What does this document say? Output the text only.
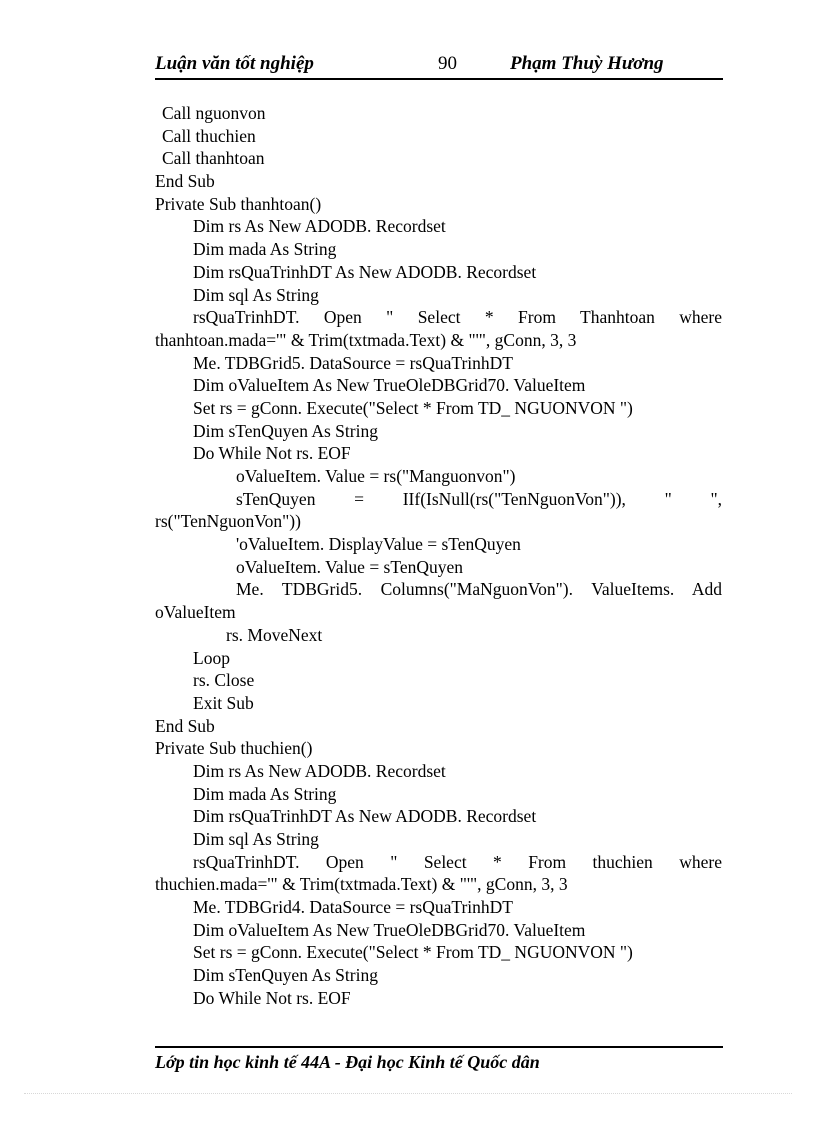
Luận văn tốt nghiệp	90	Phạm Thuỳ Hương
Call nguonvon
Call thuchien
Call thanhtoan
End Sub
Private Sub thanhtoan()
Dim rs As New ADODB. Recordset
Dim mada As String
Dim rsQuaTrinhDT As New ADODB. Recordset
Dim sql As String
rsQuaTrinhDT. Open " Select * From Thanhtoan where
thanhtoan.mada='" & Trim(txtmada.Text) & "'", gConn, 3, 3
Me. TDBGrid5. DataSource = rsQuaTrinhDT
Dim oValueItem As New TrueOleDBGrid70. ValueItem
Set rs = gConn. Execute("Select * From TD_ NGUONVON ")
Dim sTenQuyen As String
Do While Not rs. EOF
oValueItem. Value = rs("Manguonvon")
sTenQuyen = IIf(IsNull(rs("TenNguonVon")), " ",
rs("TenNguonVon"))
'oValueItem. DisplayValue = sTenQuyen
oValueItem. Value = sTenQuyen
Me. TDBGrid5. Columns("MaNguonVon"). ValueItems. Add
oValueItem
rs. MoveNext
Loop
rs. Close
Exit Sub
End Sub
Private Sub thuchien()
Dim rs As New ADODB. Recordset
Dim mada As String
Dim rsQuaTrinhDT As New ADODB. Recordset
Dim sql As String
rsQuaTrinhDT. Open " Select * From thuchien where
thuchien.mada='" & Trim(txtmada.Text) & "'", gConn, 3, 3
Me. TDBGrid4. DataSource = rsQuaTrinhDT
Dim oValueItem As New TrueOleDBGrid70. ValueItem
Set rs = gConn. Execute("Select * From TD_ NGUONVON ")
Dim sTenQuyen As String
Do While Not rs. EOF
Lớp tin học kinh tế 44A - Đại học Kinh tế Quốc dân
